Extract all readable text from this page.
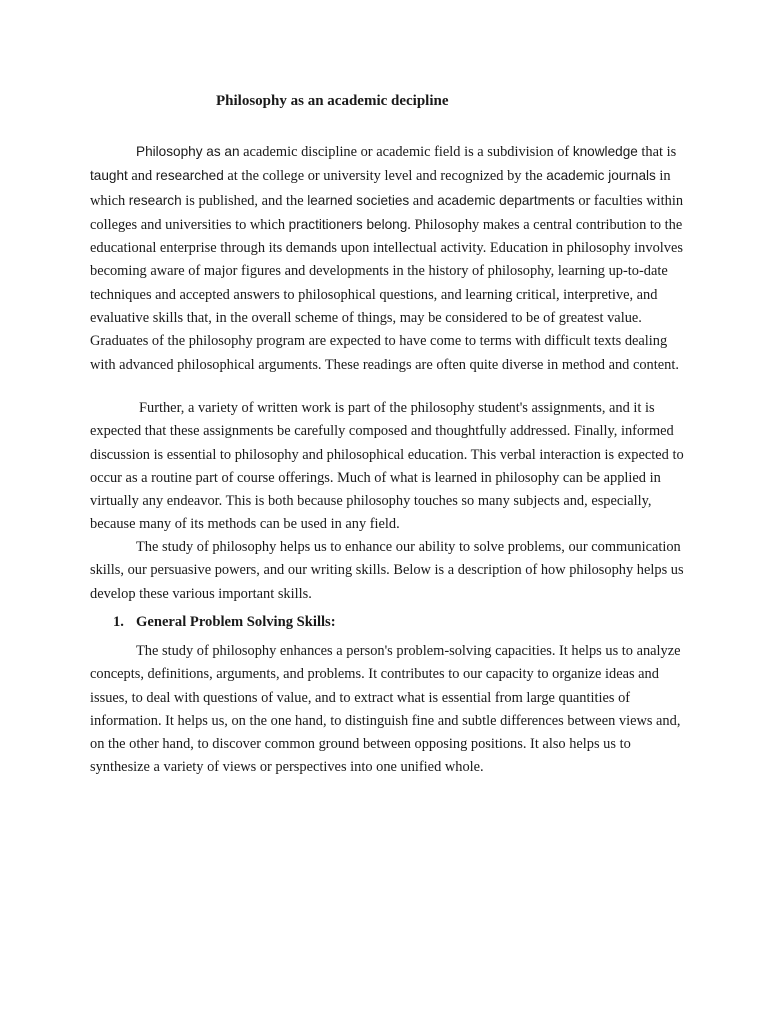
Philosophy as an academic decipline

Philosophy as an academic discipline or academic field is a subdivision of knowledge that is taught and researched at the college or university level and recognized by the academic journals in which research is published, and the learned societies and academic departments or faculties within colleges and universities to which practitioners belong. Philosophy makes a central contribution to the educational enterprise through its demands upon intellectual activity. Education in philosophy involves becoming aware of major figures and developments in the history of philosophy, learning up-to-date techniques and accepted answers to philosophical questions, and learning critical, interpretive, and evaluative skills that, in the overall scheme of things, may be considered to be of greatest value. Graduates of the philosophy program are expected to have come to terms with difficult texts dealing with advanced philosophical arguments. These readings are often quite diverse in method and content.

Further, a variety of written work is part of the philosophy student's assignments, and it is expected that these assignments be carefully composed and thoughtfully addressed. Finally, informed discussion is essential to philosophy and philosophical education. This verbal interaction is expected to occur as a routine part of course offerings. Much of what is learned in philosophy can be applied in virtually any endeavor. This is both because philosophy touches so many subjects and, especially, because many of its methods can be used in any field.

The study of philosophy helps us to enhance our ability to solve problems, our communication skills, our persuasive powers, and our writing skills. Below is a description of how philosophy helps us develop these various important skills.

1. General Problem Solving Skills:

The study of philosophy enhances a person's problem-solving capacities. It helps us to analyze concepts, definitions, arguments, and problems. It contributes to our capacity to organize ideas and issues, to deal with questions of value, and to extract what is essential from large quantities of information. It helps us, on the one hand, to distinguish fine and subtle differences between views and, on the other hand, to discover common ground between opposing positions. It also helps us to synthesize a variety of views or perspectives into one unified whole.
